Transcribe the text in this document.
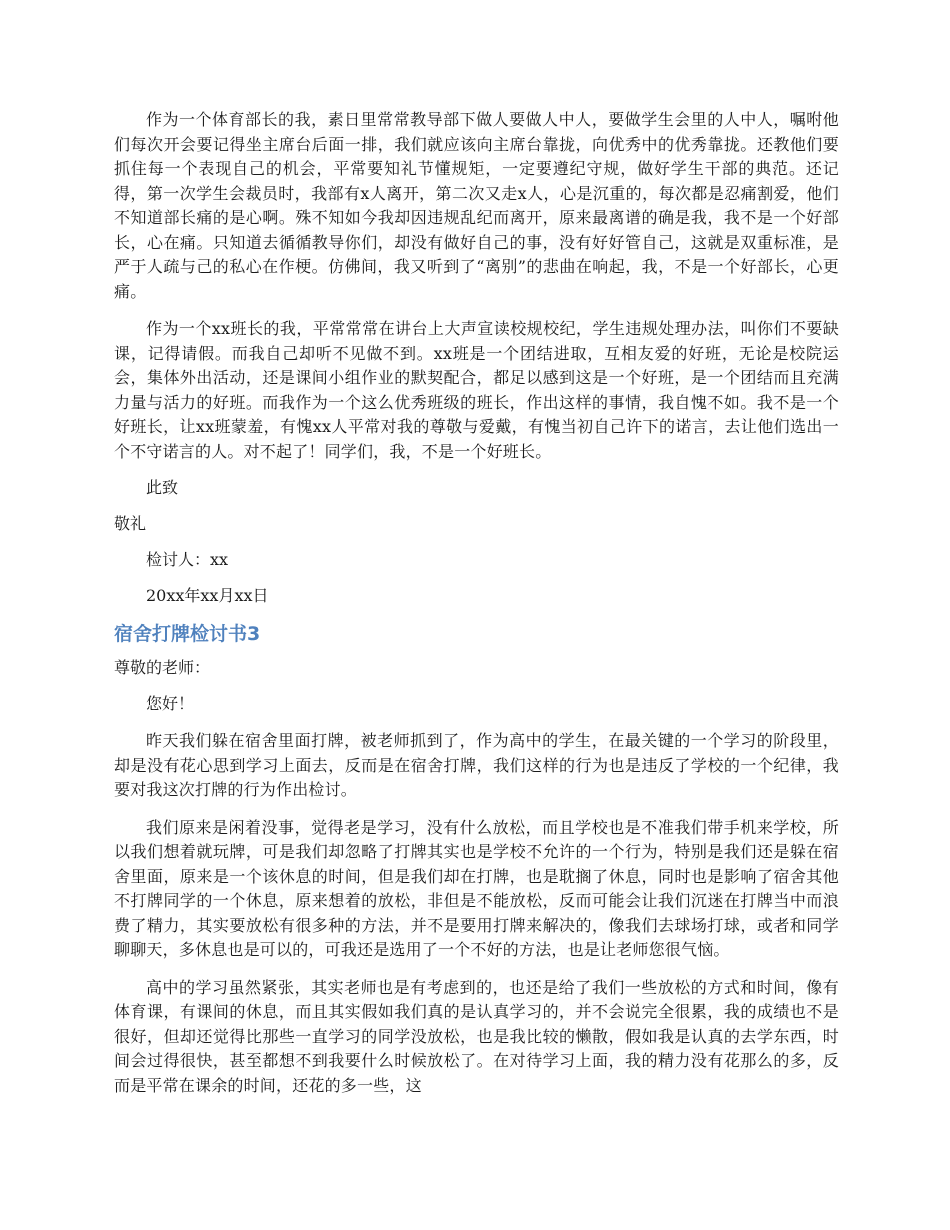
作为一个体育部长的我，素日里常常教导部下做人要做人中人，要做学生会里的人中人，嘱咐他们每次开会要记得坐主席台后面一排，我们就应该向主席台靠拢，向优秀中的优秀靠拢。还教他们要抓住每一个表现自己的机会，平常要知礼节懂规矩，一定要遵纪守规，做好学生干部的典范。还记得，第一次学生会裁员时，我部有x人离开，第二次又走x人，心是沉重的，每次都是忍痛割爱，他们不知道部长痛的是心啊。殊不知如今我却因违规乱纪而离开，原来最离谱的确是我，我不是一个好部长，心在痛。只知道去循循教导你们，却没有做好自己的事，没有好好管自己，这就是双重标准，是严于人疏与己的私心在作梗。仿佛间，我又听到了“离别”的悲曲在响起，我，不是一个好部长，心更痛。

作为一个xx班长的我，平常常常在讲台上大声宣读校规校纪，学生违规处理办法，叫你们不要缺课，记得请假。而我自己却听不见做不到。xx班是一个团结进取，互相友爱的好班，无论是校院运会，集体外出活动，还是课间小组作业的默契配合，都足以感到这是一个好班，是一个团结而且充满力量与活力的好班。而我作为一个这么优秀班级的班长，作出这样的事情，我自愧不如。我不是一个好班长，让xx班蒙羞，有愧xx人平常对我的尊敬与爱戴，有愧当初自己许下的诺言，去让他们选出一个不守诺言的人。对不起了！同学们，我，不是一个好班长。

此致
敬礼
检讨人：xx
20xx年xx月xx日
宿舍打牌检讨书3
尊敬的老师：
您好！

昨天我们躲在宿舍里面打牌，被老师抓到了，作为高中的学生，在最关键的一个学习的阶段里，却是没有花心思到学习上面去，反而是在宿舍打牌，我们这样的行为也是违反了学校的一个纪律，我要对我这次打牌的行为作出检讨。

我们原来是闲着没事，觉得老是学习，没有什么放松，而且学校也是不准我们带手机来学校，所以我们想着就玩牌，可是我们却忽略了打牌其实也是学校不允许的一个行为，特别是我们还是躲在宿舍里面，原来是一个该休息的时间，但是我们却在打牌，也是耽搁了休息，同时也是影响了宿舍其他不打牌同学的一个休息，原来想着的放松，非但是不能放松，反而可能会让我们沉迷在打牌当中而浪费了精力，其实要放松有很多种的方法，并不是要用打牌来解决的，像我们去球场打球，或者和同学聊聊天，多休息也是可以的，可我还是选用了一个不好的方法，也是让老师您很气恼。

高中的学习虽然紧张，其实老师也是有考虑到的，也还是给了我们一些放松的方式和时间，像有体育课，有课间的休息，而且其实假如我们真的是认真学习的，并不会说完全很累，我的成绩也不是很好，但却还觉得比那些一直学习的同学没放松，也是我比较的懒散，假如我是认真的去学东西，时间会过得很快，甚至都想不到我要什么时候放松了。在对待学习上面，我的精力没有花那么的多，反而是平常在课余的时间，还花的多一些，这
